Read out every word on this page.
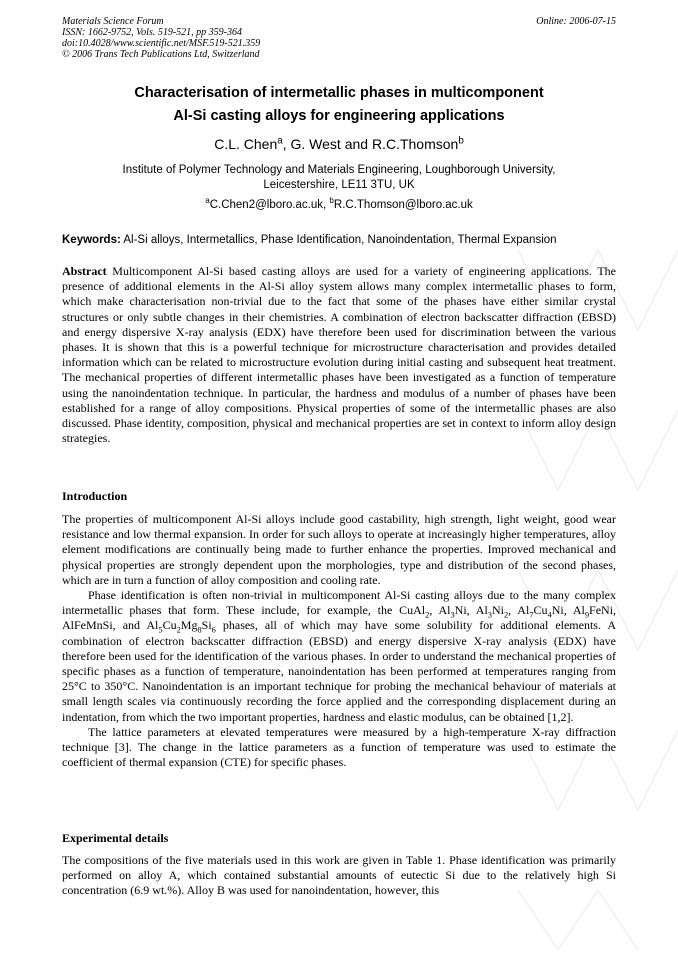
Materials Science Forum
ISSN: 1662-9752, Vols. 519-521, pp 359-364
doi:10.4028/www.scientific.net/MSF.519-521.359
© 2006 Trans Tech Publications Ltd, Switzerland
Online: 2006-07-15
Characterisation of intermetallic phases in multicomponent
Al-Si casting alloys for engineering applications
C.L. Chen$^a$, G. West and R.C.Thomson$^b$
Institute of Polymer Technology and Materials Engineering, Loughborough University,
Leicestershire, LE11 3TU, UK
$^a$C.Chen2@lboro.ac.uk, $^b$R.C.Thomson@lboro.ac.uk
Keywords: Al-Si alloys, Intermetallics, Phase Identification, Nanoindentation, Thermal Expansion

Abstract Multicomponent Al-Si based casting alloys are used for a variety of engineering applications. The presence of additional elements in the Al-Si alloy system allows many complex intermetallic phases to form, which make characterisation non-trivial due to the fact that some of the phases have either similar crystal structures or only subtle changes in their chemistries. A combination of electron backscatter diffraction (EBSD) and energy dispersive X-ray analysis (EDX) have therefore been used for discrimination between the various phases. It is shown that this is a powerful technique for microstructure characterisation and provides detailed information which can be related to microstructure evolution during initial casting and subsequent heat treatment. The mechanical properties of different intermetallic phases have been investigated as a function of temperature using the nanoindentation technique. In particular, the hardness and modulus of a number of phases have been established for a range of alloy compositions. Physical properties of some of the intermetallic phases are also discussed. Phase identity, composition, physical and mechanical properties are set in context to inform alloy design strategies.

Introduction

The properties of multicomponent Al-Si alloys include good castability, high strength, light weight, good wear resistance and low thermal expansion. In order for such alloys to operate at increasingly higher temperatures, alloy element modifications are continually being made to further enhance the properties. Improved mechanical and physical properties are strongly dependent upon the morphologies, type and distribution of the second phases, which are in turn a function of alloy composition and cooling rate.

Phase identification is often non-trivial in multicomponent Al-Si casting alloys due to the many complex intermetallic phases that form. These include, for example, the CuAl$_2$, $Al_3Ni$, $Al_3Ni_2$, $Al_7Cu_4Ni$, $Al_9FeNi$, AlFeMnSi, and $Al_5Cu_2Mg_8Si_6$ phases, all of which may have some solubility for additional elements. A combination of electron backscatter diffraction (EBSD) and energy dispersive X-ray analysis (EDX) have therefore been used for the identification of the various phases. In order to understand the mechanical properties of specific phases as a function of temperature, nanoindentation has been performed at temperatures ranging from 25°C to 350°C. Nanoindentation is an important technique for probing the mechanical behaviour of materials at small length scales via continuously recording the force applied and the corresponding displacement during an indentation, from which the two important properties, hardness and elastic modulus, can be obtained [1,2].

The lattice parameters at elevated temperatures were measured by a high-temperature X-ray diffraction technique [3]. The change in the lattice parameters as a function of temperature was used to estimate the coefficient of thermal expansion (CTE) for specific phases.

Experimental details

The compositions of the five materials used in this work are given in Table 1. Phase identification was primarily performed on alloy A, which contained substantial amounts of eutectic Si due to the relatively high Si concentration (6.9 wt.%). Alloy B was used for nanoindentation, however, this
